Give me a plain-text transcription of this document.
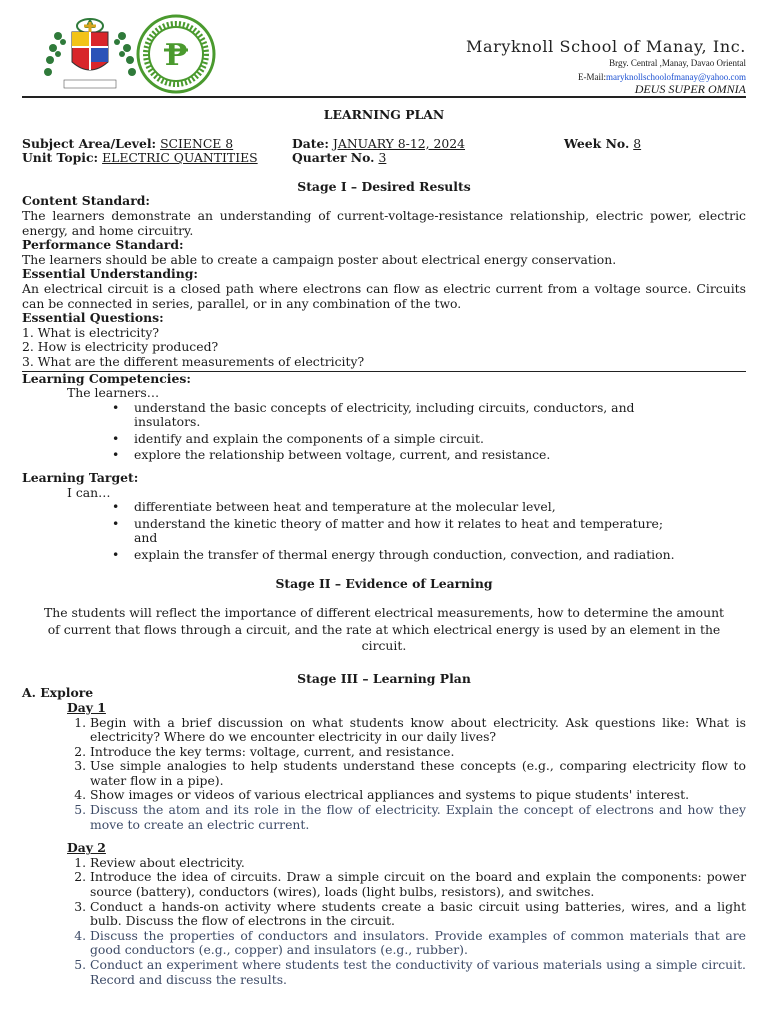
P	Maryknoll School of Manay, Inc.
Brgy. Central ,Manay, Davao Oriental
E-Mail:maryknollschoolofmanay@yahoo.com
DEUS SUPER OMNIA
LEARNING PLAN
Subject Area/Level: SCIENCE 8	Date: JANUARY 8-12, 2024	Week No. 8
Unit Topic: ELECTRIC QUANTITIES	Quarter No. 3
Stage I – Desired Results
Content Standard:
The learners demonstrate an understanding of current-voltage-resistance relationship, electric power, electric energy, and home circuitry.
Performance Standard:
The learners should be able to create a campaign poster about electrical energy conservation.
Essential Understanding:
An electrical circuit is a closed path where electrons can flow as electric current from a voltage source. Circuits can be connected in series, parallel, or in any combination of the two.
Essential Questions:
1. What is electricity?
2. How is electricity produced?
3. What are the different measurements of electricity?
Learning Competencies:
The learners…
• understand the basic concepts of electricity, including circuits, conductors, and insulators.
• identify and explain the components of a simple circuit.
• explore the relationship between voltage, current, and resistance.
Learning Target:
I can…
• differentiate between heat and temperature at the molecular level,
• understand the kinetic theory of matter and how it relates to heat and temperature; and
• explain the transfer of thermal energy through conduction, convection, and radiation.
Stage II – Evidence of Learning
The students will reflect the importance of different electrical measurements, how to determine the amount of current that flows through a circuit, and the rate at which electrical energy is used by an element in the circuit.
Stage III – Learning Plan
A. Explore
Day 1
1. Begin with a brief discussion on what students know about electricity. Ask questions like: What is electricity? Where do we encounter electricity in our daily lives?
2. Introduce the key terms: voltage, current, and resistance.
3. Use simple analogies to help students understand these concepts (e.g., comparing electricity flow to water flow in a pipe).
4. Show images or videos of various electrical appliances and systems to pique students' interest.
5. Discuss the atom and its role in the flow of electricity. Explain the concept of electrons and how they move to create an electric current.
Day 2
1. Review about electricity.
2. Introduce the idea of circuits. Draw a simple circuit on the board and explain the components: power source (battery), conductors (wires), loads (light bulbs, resistors), and switches.
3. Conduct a hands-on activity where students create a basic circuit using batteries, wires, and a light bulb. Discuss the flow of electrons in the circuit.
4. Discuss the properties of conductors and insulators. Provide examples of common materials that are good conductors (e.g., copper) and insulators (e.g., rubber).
5. Conduct an experiment where students test the conductivity of various materials using a simple circuit. Record and discuss the results.
